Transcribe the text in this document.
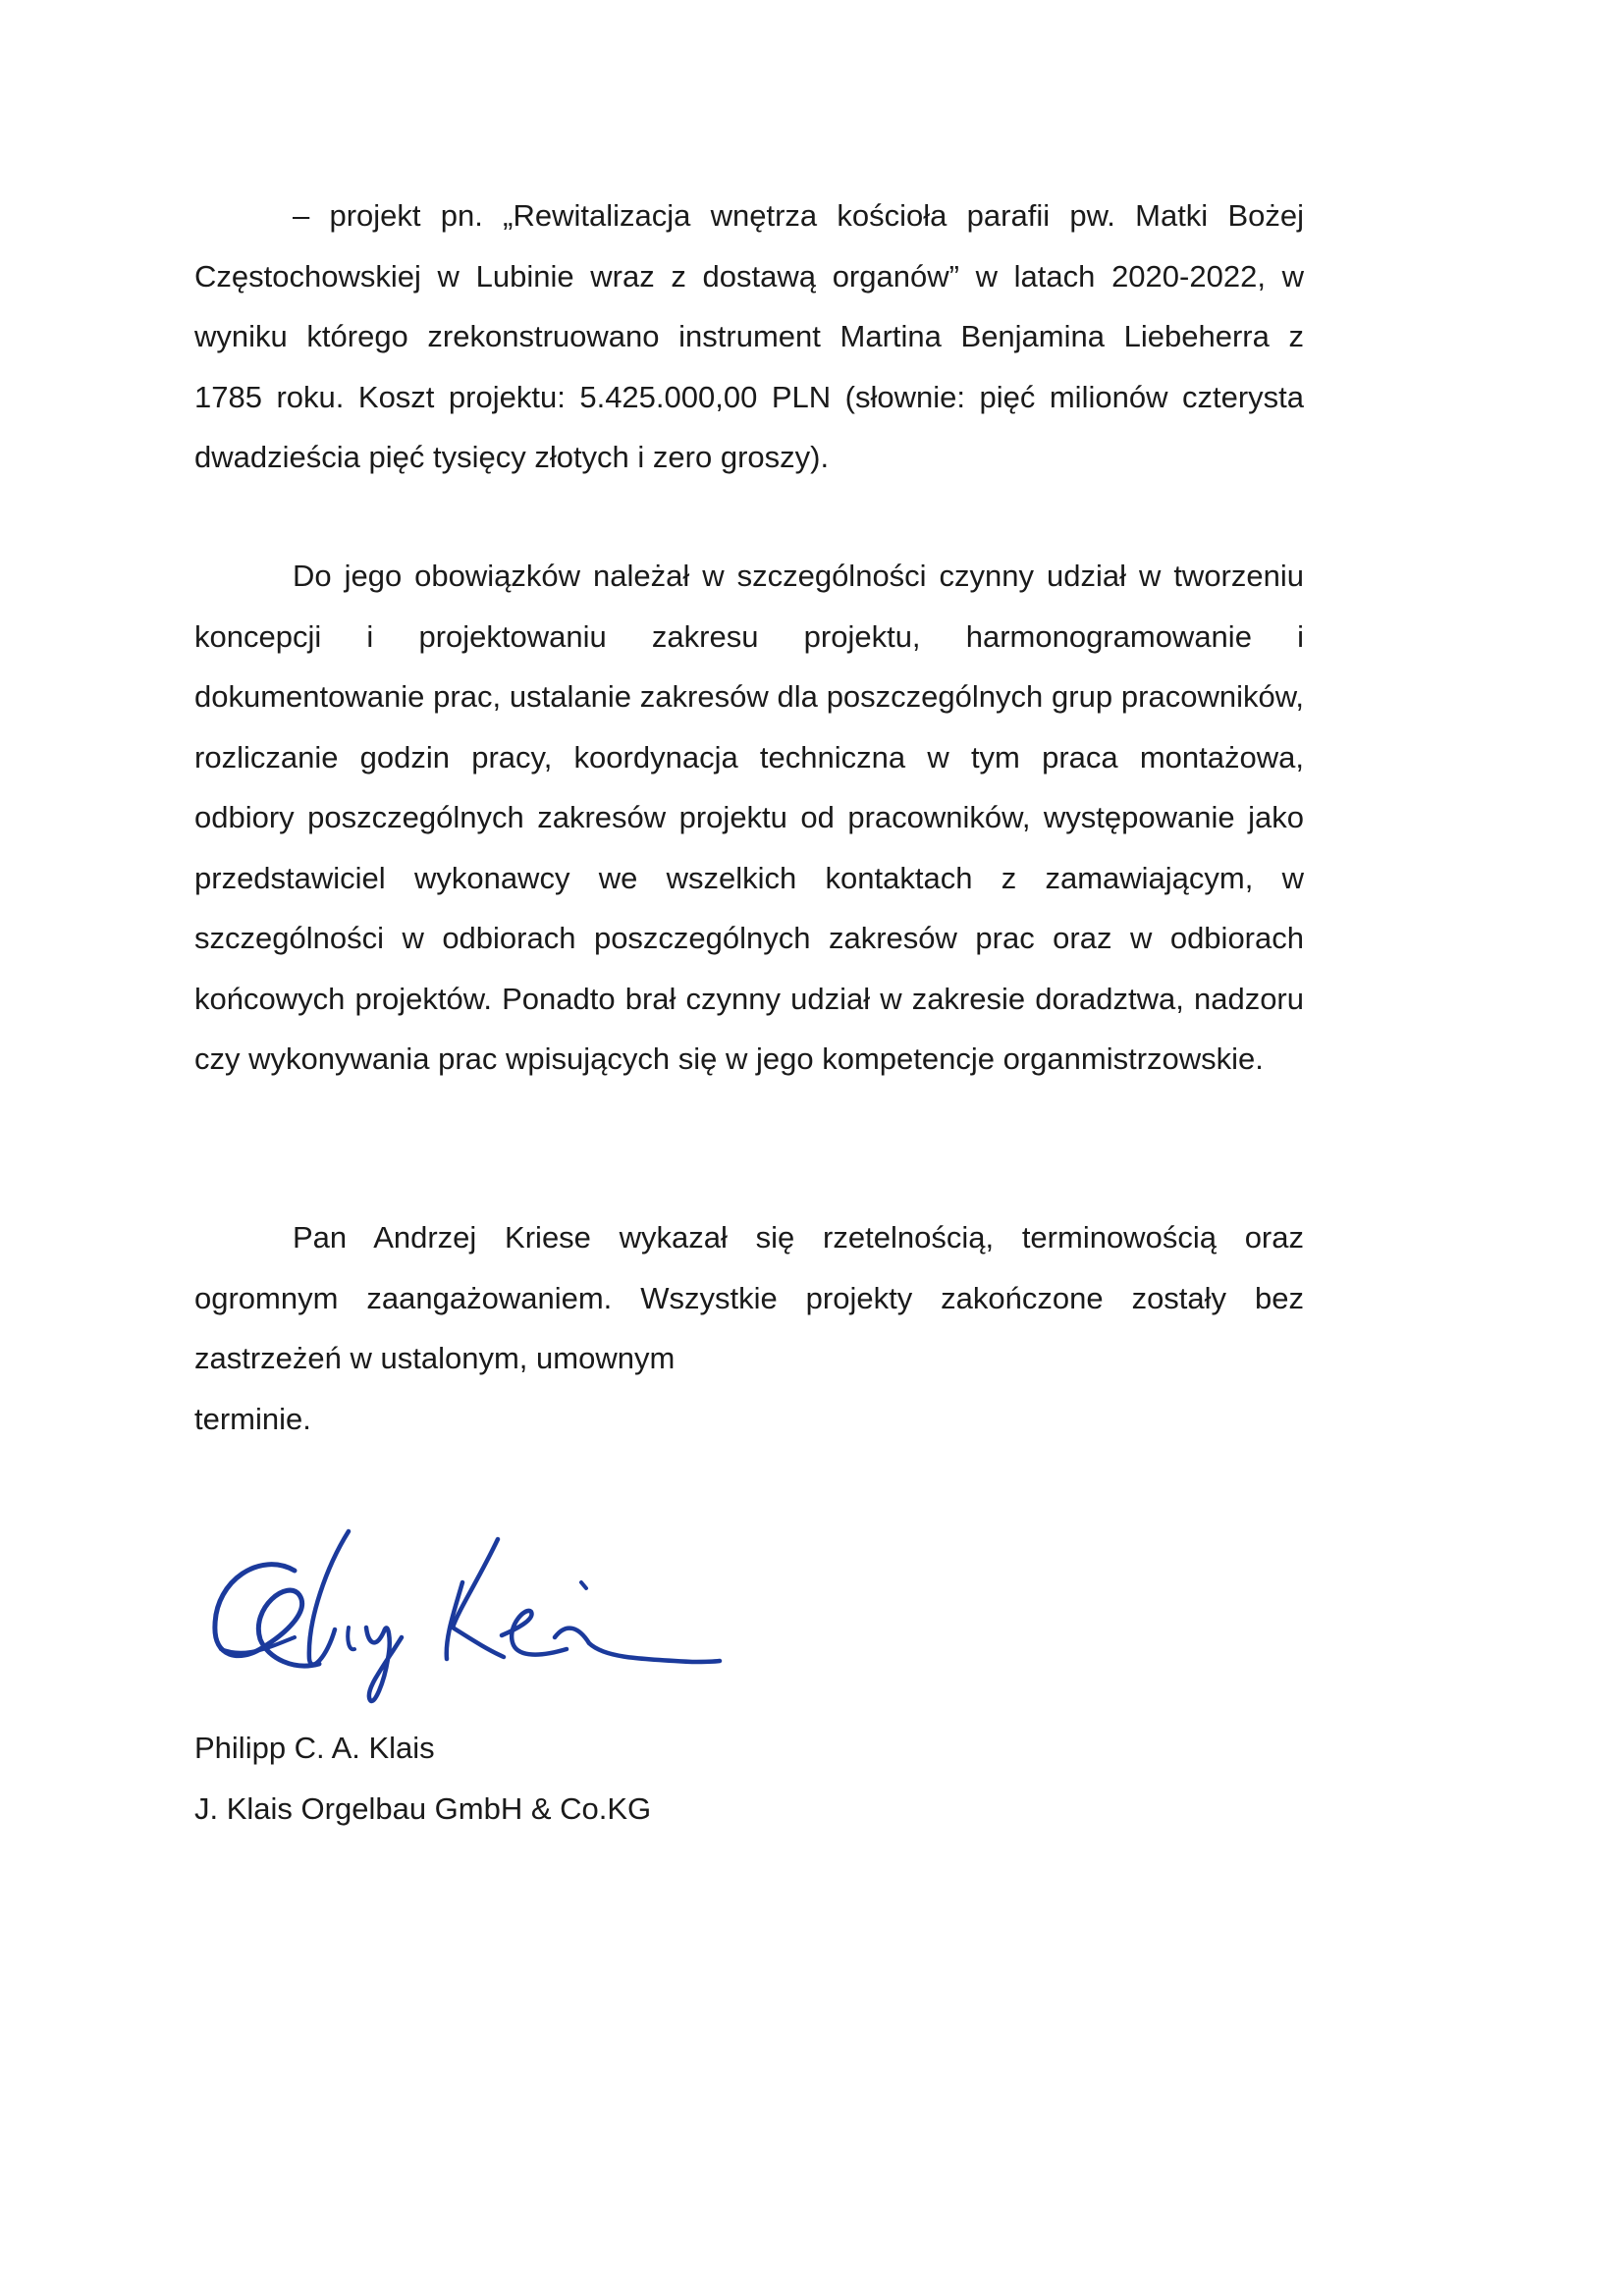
– projekt pn. „Rewitalizacja wnętrza kościoła parafii pw. Matki Bożej Częstochowskiej w Lubinie wraz z dostawą organów” w latach 2020-2022, w wyniku którego zrekonstruowano instrument Martina Benjamina Liebeherra z 1785 roku. Koszt projektu: 5.425.000,00 PLN (słownie: pięć milionów czterysta dwadzieścia pięć tysięcy złotych i zero groszy).

Do jego obowiązków należał w szczególności czynny udział w tworzeniu koncepcji i projektowaniu zakresu projektu, harmonogramowanie i dokumentowanie prac, ustalanie zakresów dla poszczególnych grup pracowników, rozliczanie godzin pracy, koordynacja techniczna w tym praca montażowa, odbiory poszczególnych zakresów projektu od pracowników, występowanie jako przedstawiciel wykonawcy we wszelkich kontaktach z zamawiającym, w szczególności w odbiorach poszczególnych zakresów prac oraz w odbiorach końcowych projektów. Ponadto brał czynny udział w zakresie doradztwa, nadzoru czy wykonywania prac wpisujących się w jego kompetencje organmistrzowskie.

Pan Andrzej Kriese wykazał się rzetelnością, terminowością oraz ogromnym zaangażowaniem. Wszystkie projekty zakończone zostały bez zastrzeżeń w ustalonym, umownym
terminie.

Philipp C. A. Klais
J. Klais Orgelbau GmbH & Co.KG
